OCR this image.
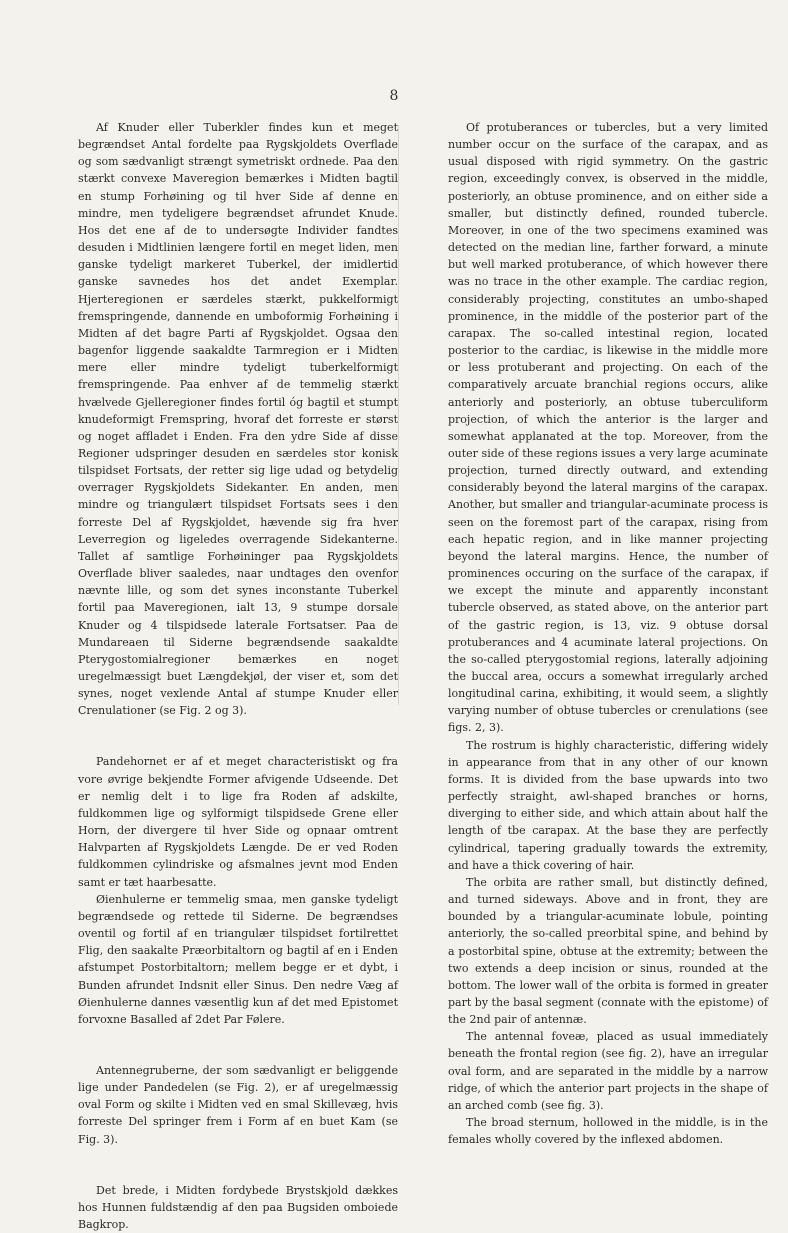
8

Af Knuder eller Tuberkler findes kun et meget begrændset Antal fordelte paa Rygskjoldets Overflade og som sædvanligt strængt symetriskt ordnede. Paa den stærkt convexe Maveregion bemærkes i Midten bagtil en stump Forhøining og til hver Side af denne en mindre, men tydeligere begrændset afrundet Knude. Hos det ene af de to undersøgte Individer fandtes desuden i Midtlinien længere fortil en meget liden, men ganske tydeligt markeret Tuberkel, der imidlertid ganske savnedes hos det andet Exemplar. Hjerteregionen er særdeles stærkt, pukkelformigt fremspringende, dannende en umboformig Forhøining i Midten af det bagre Parti af Rygskjoldet. Ogsaa den bagenfor liggende saakaldte Tarmregion er i Midten mere eller mindre tydeligt tuberkelformigt fremspringende. Paa enhver af de temmelig stærkt hvælvede Gjelleregioner findes fortil óg bagtil et stumpt knudeformigt Fremspring, hvoraf det forreste er størst og noget affladet i Enden. Fra den ydre Side af disse Regioner udspringer desuden en særdeles stor konisk tilspidset Fortsats, der retter sig lige udad og betydelig overrager Rygskjoldets Sidekanter. En anden, men mindre og triangulært tilspidset Fortsats sees i den forreste Del af Rygskjoldet, hævende sig fra hver Leverregion og ligeledes overragende Sidekanterne. Tallet af samtlige Forhøininger paa Rygskjoldets Overflade bliver saaledes, naar undtages den ovenfor nævnte lille, og som det synes inconstante Tuberkel fortil paa Maveregionen, ialt 13, 9 stumpe dorsale Knuder og 4 tilspidsede laterale Fortsatser. Paa de Mundareaen til Siderne begrændsende saakaldte Pterygostomialregioner bemærkes en noget uregelmæssigt buet Længdekjøl, der viser et, som det synes, noget vexlende Antal af stumpe Knuder eller Crenulationer (se Fig. 2 og 3).

Pandehornet er af et meget characteristiskt og fra vore øvrige bekjendte Former afvigende Udseende. Det er nemlig delt i to lige fra Roden af adskilte, fuldkommen lige og sylformigt tilspidsede Grene eller Horn, der divergere til hver Side og opnaar omtrent Halvparten af Rygskjoldets Længde. De er ved Roden fuldkommen cylindriske og afsmalnes jevnt mod Enden samt er tæt haarbesatte.

Øienhulerne er temmelig smaa, men ganske tydeligt begrændsede og rettede til Siderne. De begrændses oventil og fortil af en triangulær tilspidset fortilrettet Flig, den saakalte Præorbitaltorn og bagtil af en i Enden afstumpet Postorbitaltorn; mellem begge er et dybt, i Bunden afrundet Indsnit eller Sinus. Den nedre Væg af Øienhulerne dannes væsentlig kun af det med Epistomet forvoxne Basalled af 2det Par Følere.

Antennegruberne, der som sædvanligt er beliggende lige under Pandedelen (se Fig. 2), er af uregelmæssig oval Form og skilte i Midten ved en smal Skillevæg, hvis forreste Del springer frem i Form af en buet Kam (se Fig. 3).

Det brede, i Midten fordybede Brystskjold dækkes hos Hunnen fuldstændig af den paa Bugsiden omboiede Bagkrop.

Of protuberances or tubercles, but a very limited number occur on the surface of the carapax, and as usual disposed with rigid symmetry. On the gastric region, exceedingly convex, is observed in the middle, posteriorly, an obtuse prominence, and on either side a smaller, but distinctly defined, rounded tubercle. Moreover, in one of the two specimens examined was detected on the median line, farther forward, a minute but well marked protuberance, of which however there was no trace in the other example. The cardiac region, considerably projecting, constitutes an umbo-shaped prominence, in the middle of the posterior part of the carapax. The so-called intestinal region, located posterior to the cardiac, is likewise in the middle more or less protuberant and projecting. On each of the comparatively arcuate branchial regions occurs, alike anteriorly and posteriorly, an obtuse tuberculiform projection, of which the anterior is the larger and somewhat applanated at the top. Moreover, from the outer side of these regions issues a very large acuminate projection, turned directly outward, and extending considerably beyond the lateral margins of the carapax. Another, but smaller and triangular-acuminate process is seen on the foremost part of the carapax, rising from each hepatic region, and in like manner projecting beyond the lateral margins. Hence, the number of prominences occuring on the surface of the carapax, if we except the minute and apparently inconstant tubercle observed, as stated above, on the anterior part of the gastric region, is 13, viz. 9 obtuse dorsal protuberances and 4 acuminate lateral projections. On the so-called pterygostomial regions, laterally adjoining the buccal area, occurs a somewhat irregularly arched longitudinal carina, exhibiting, it would seem, a slightly varying number of obtuse tubercles or crenulations (see figs. 2, 3).

The rostrum is highly characteristic, differing widely in appearance from that in any other of our known forms. It is divided from the base upwards into two perfectly straight, awl-shaped branches or horns, diverging to either side, and which attain about half the length of tbe carapax. At the base they are perfectly cylindrical, tapering gradually towards the extremity, and have a thick covering of hair.

The orbita are rather small, but distinctly defined, and turned sideways. Above and in front, they are bounded by a triangular-acuminate lobule, pointing anteriorly, the so-called preorbital spine, and behind by a postorbital spine, obtuse at the extremity; between the two extends a deep incision or sinus, rounded at the bottom. The lower wall of the orbita is formed in greater part by the basal segment (connate with the epistome) of the 2nd pair of antennæ.

The antennal foveæ, placed as usual immediately beneath the frontal region (see fig. 2), have an irregular oval form, and are separated in the middle by a narrow ridge, of which the anterior part projects in the shape of an arched comb (see fig. 3).

The broad sternum, hollowed in the middle, is in the females wholly covered by the inflexed abdomen.
